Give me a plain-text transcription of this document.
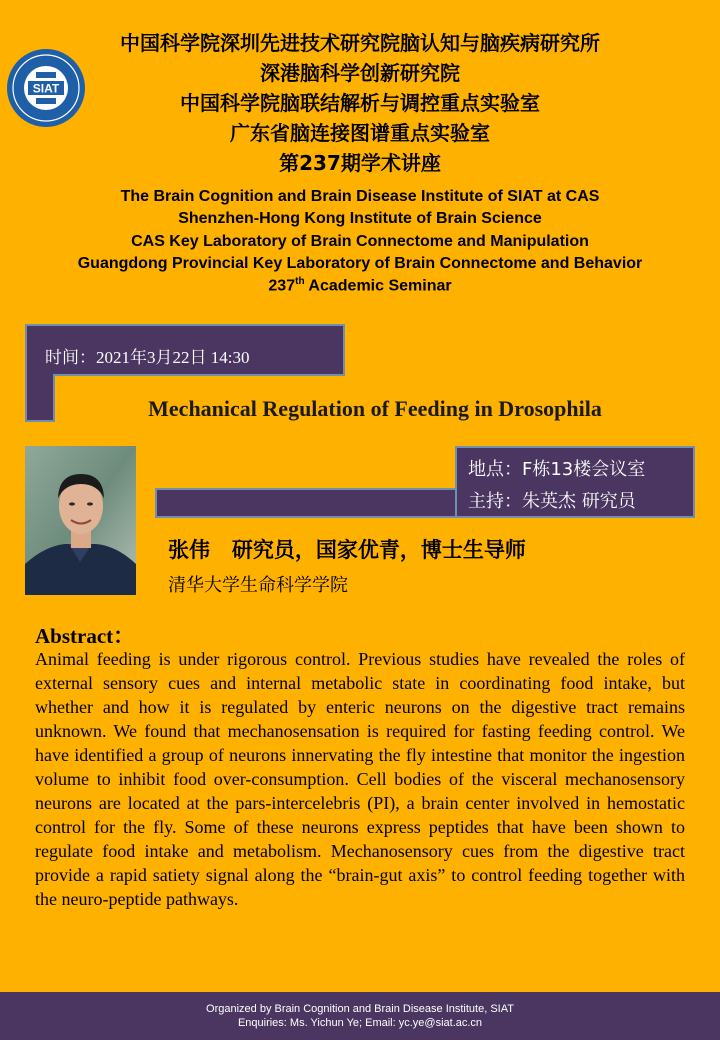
SIAT
中国科学院深圳先进技术研究院脑认知与脑疾病研究所
深港脑科学创新研究院
中国科学院脑联结解析与调控重点实验室
广东省脑连接图谱重点实验室
第237期学术讲座
The Brain Cognition and Brain Disease Institute of SIAT at CAS
Shenzhen-Hong Kong Institute of Brain Science
CAS Key Laboratory of Brain Connectome and Manipulation
Guangdong Provincial Key Laboratory of Brain Connectome and Behavior
237th Academic Seminar
时间：2021年3月22日 14:30
Mechanical Regulation of Feeding in Drosophila
地点：F栋13楼会议室
主持：朱英杰 研究员
张伟   研究员，国家优青，博士生导师
清华大学生命科学学院
Abstract：
Animal feeding is under rigorous control. Previous studies have revealed the roles of external sensory cues and internal metabolic state in coordinating food intake, but whether and how it is regulated by enteric neurons on the digestive tract remains unknown. We found that mechanosensation is required for fasting feeding control. We have identified a group of neurons innervating the fly intestine that monitor the ingestion volume to inhibit food over-consumption. Cell bodies of the visceral mechanosensory neurons are located at the pars-intercelebris (PI), a brain center involved in hemostatic control for the fly. Some of these neurons express peptides that have been shown to regulate food intake and metabolism. Mechanosensory cues from the digestive tract provide a rapid satiety signal along the “brain-gut axis” to control feeding together with the neuro-peptide pathways.
Organized by Brain Cognition and Brain Disease Institute, SIAT
Enquiries: Ms. Yichun Ye; Email: yc.ye@siat.ac.cn
